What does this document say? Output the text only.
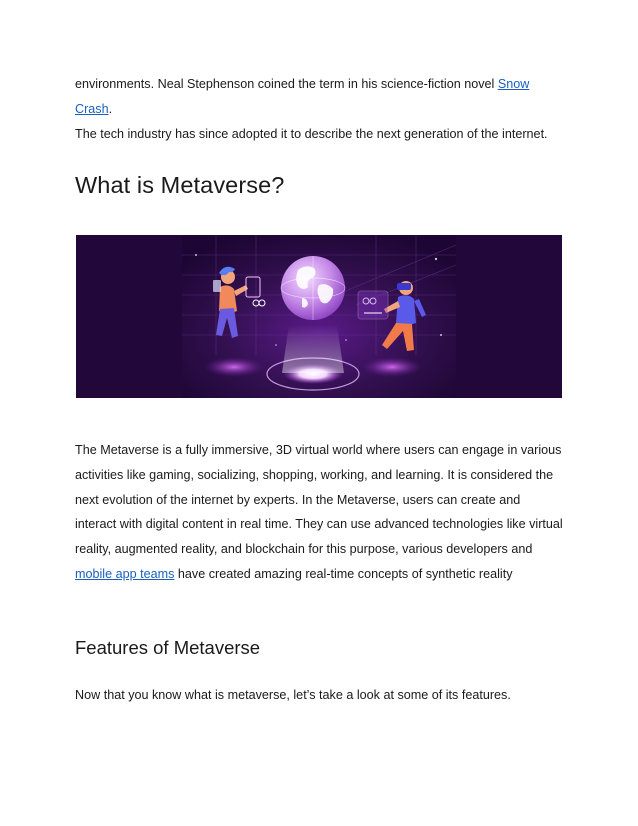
environments. Neal Stephenson coined the term in his science-fiction novel Snow Crash.
The tech industry has since adopted it to describe the next generation of the internet.

What is Metaverse?

The Metaverse is a fully immersive, 3D virtual world where users can engage in various activities like gaming, socializing, shopping, working, and learning. It is considered the next evolution of the internet by experts. In the Metaverse, users can create and interact with digital content in real time. They can use advanced technologies like virtual reality, augmented reality, and blockchain for this purpose, various developers and mobile app teams have created amazing real-time concepts of synthetic reality

Features of Metaverse

Now that you know what is metaverse, let’s take a look at some of its features.
